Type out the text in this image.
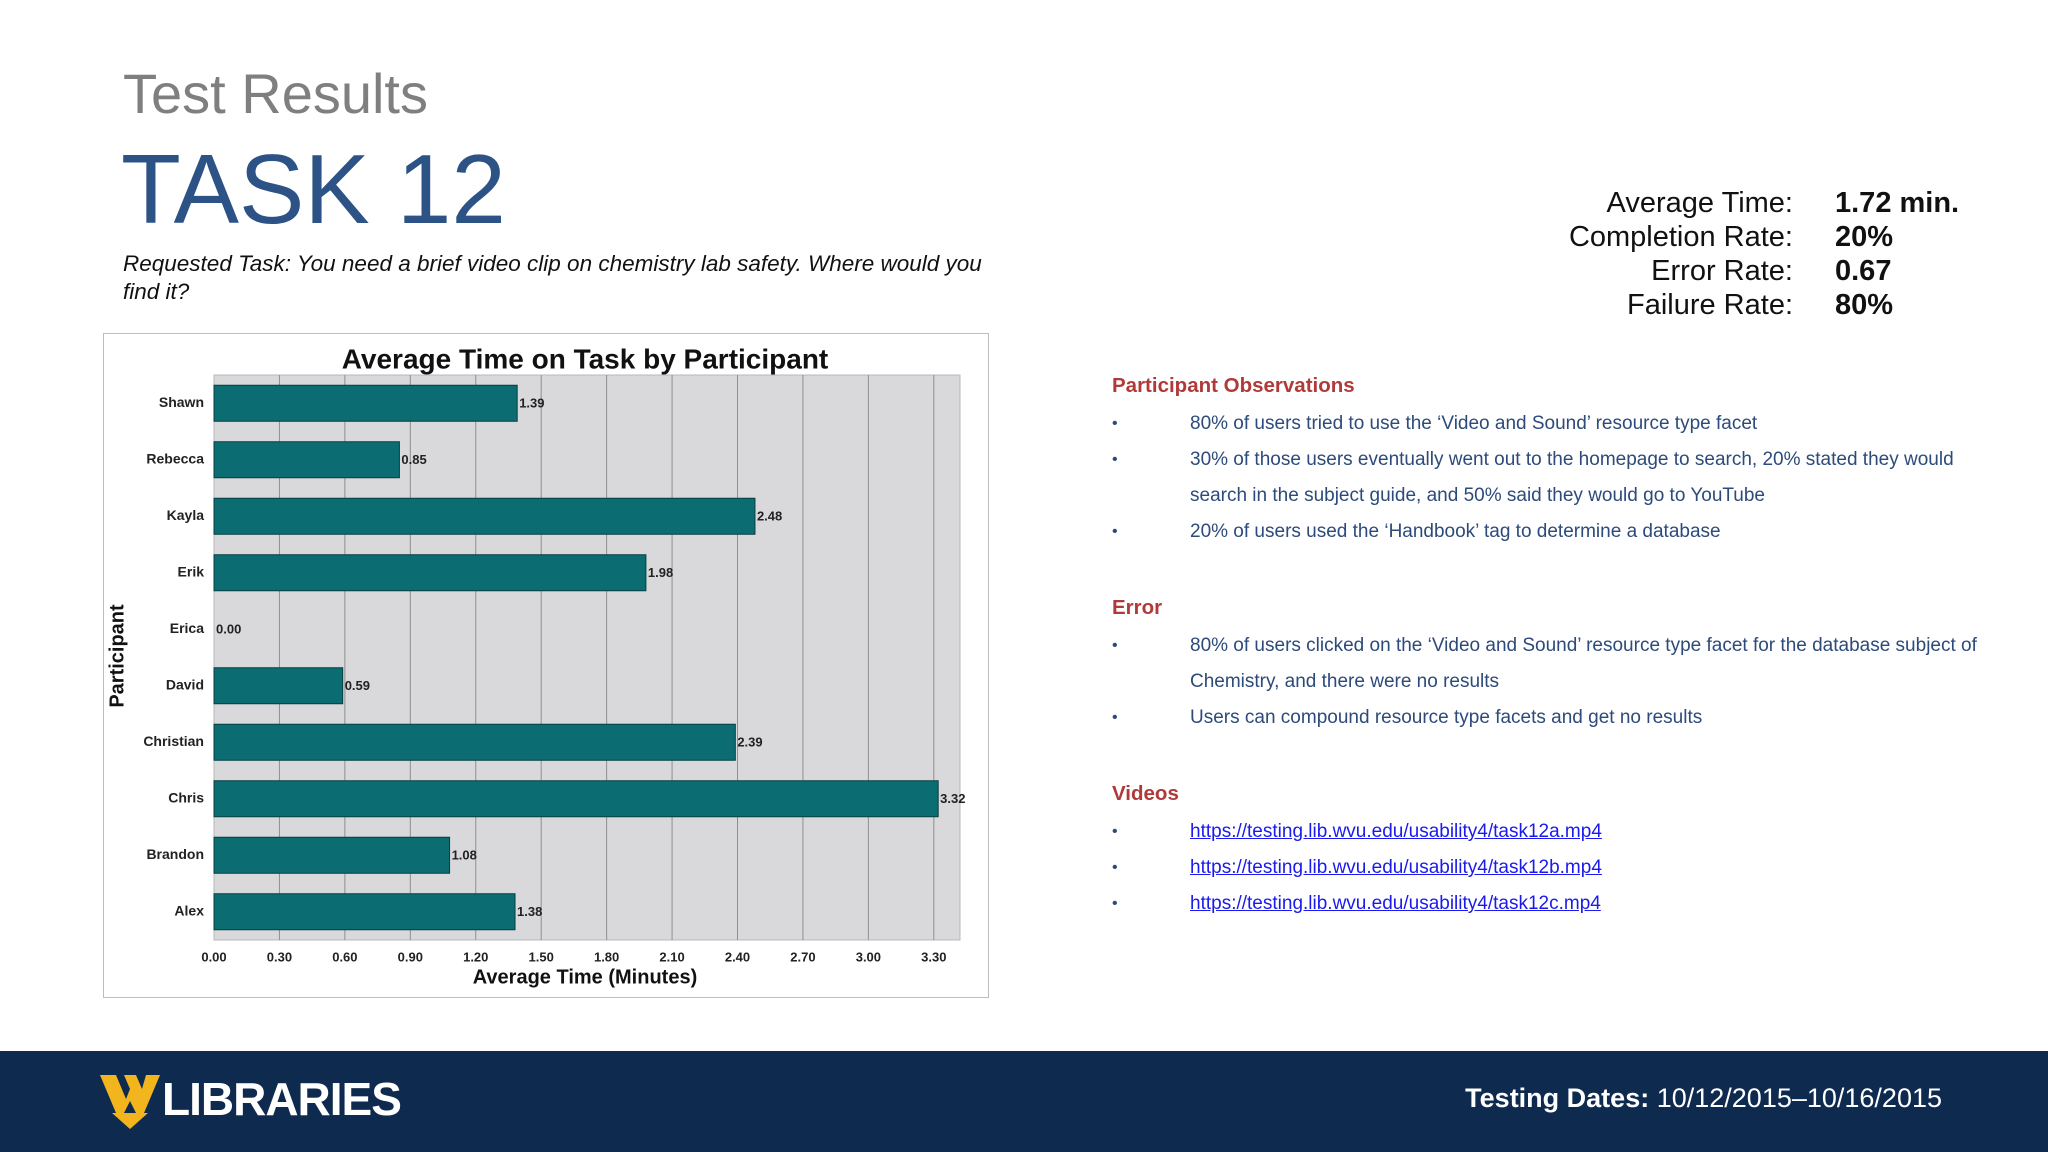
Test Results
TASK 12
Requested Task: You need a brief video clip on chemistry lab safety. Where would you find it?
Average Time: 1.72 min.
Completion Rate: 20%
Error Rate: 0.67
Failure Rate: 80%
Average Time on Task by Participant
Average Time (Minutes)
Participant
0.00	0.30	0.60	0.90	1.20	1.50	1.80	2.10	2.40	2.70	3.00	3.30
Shawn	1.39
Rebecca	0.85
Kayla	2.48
Erik	1.98
Erica 0.00
David	0.59
Christian	2.39
Chris	3.32
Brandon	1.08
Alex	1.38
Participant Observations
•	80% of users tried to use the ‘Video and Sound’ resource type facet
•	30% of those users eventually went out to the homepage to search, 20% stated they would search in the subject guide, and 50% said they would go to YouTube
•	20% of users used the ‘Handbook’ tag to determine a database
Error
•	80% of users clicked on the ‘Video and Sound’ resource type facet for the database subject of Chemistry, and there were no results
•	Users can compound resource type facets and get no results
Videos
•	https://testing.lib.wvu.edu/usability4/task12a.mp4
•	https://testing.lib.wvu.edu/usability4/task12b.mp4
•	https://testing.lib.wvu.edu/usability4/task12c.mp4
LIBRARIES	Testing Dates: 10/12/2015–10/16/2015
